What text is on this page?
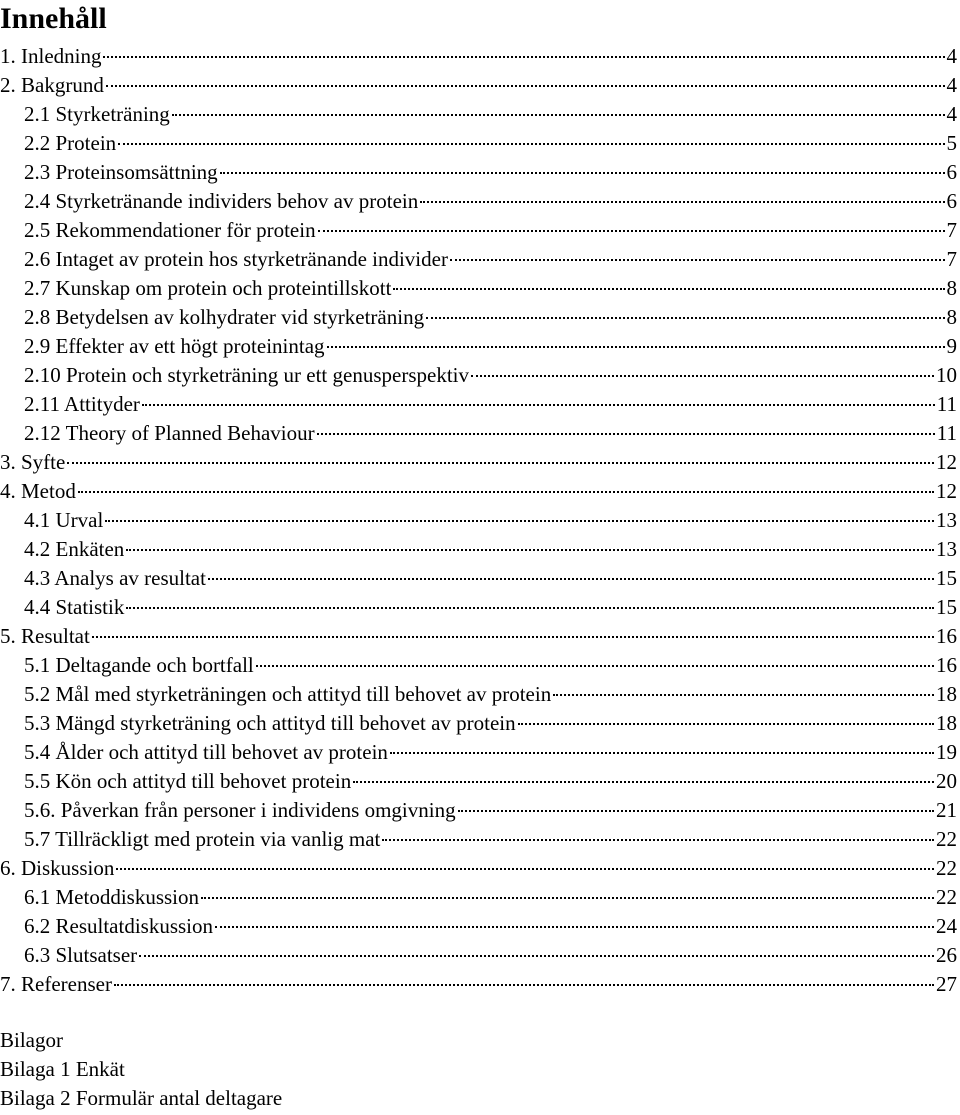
Innehåll
1. Inledning	4
2. Bakgrund	4
2.1 Styrketräning	4
2.2 Protein	5
2.3 Proteinsomsättning	6
2.4 Styrketränande individers behov av protein	6
2.5 Rekommendationer för protein	7
2.6 Intaget av protein hos styrketränande individer	7
2.7 Kunskap om protein och proteintillskott	8
2.8 Betydelsen av kolhydrater vid styrketräning	8
2.9 Effekter av ett högt proteinintag	9
2.10 Protein och styrketräning ur ett genusperspektiv	10
2.11 Attityder	11
2.12 Theory of Planned Behaviour	11
3. Syfte	12
4. Metod	12
4.1 Urval	13
4.2 Enkäten	13
4.3 Analys av resultat	15
4.4 Statistik	15
5. Resultat	16
5.1 Deltagande och bortfall	16
5.2 Mål med styrketräningen och attityd till behovet av protein	18
5.3 Mängd styrketräning och attityd till behovet av protein	18
5.4 Ålder och attityd till behovet av protein	19
5.5 Kön och attityd till behovet protein	20
5.6. Påverkan från personer i individens omgivning	21
5.7 Tillräckligt med protein via vanlig mat	22
6. Diskussion	22
6.1 Metoddiskussion	22
6.2 Resultatdiskussion	24
6.3 Slutsatser	26
7. Referenser	27
Bilagor
Bilaga 1 Enkät
Bilaga 2 Formulär antal deltagare
